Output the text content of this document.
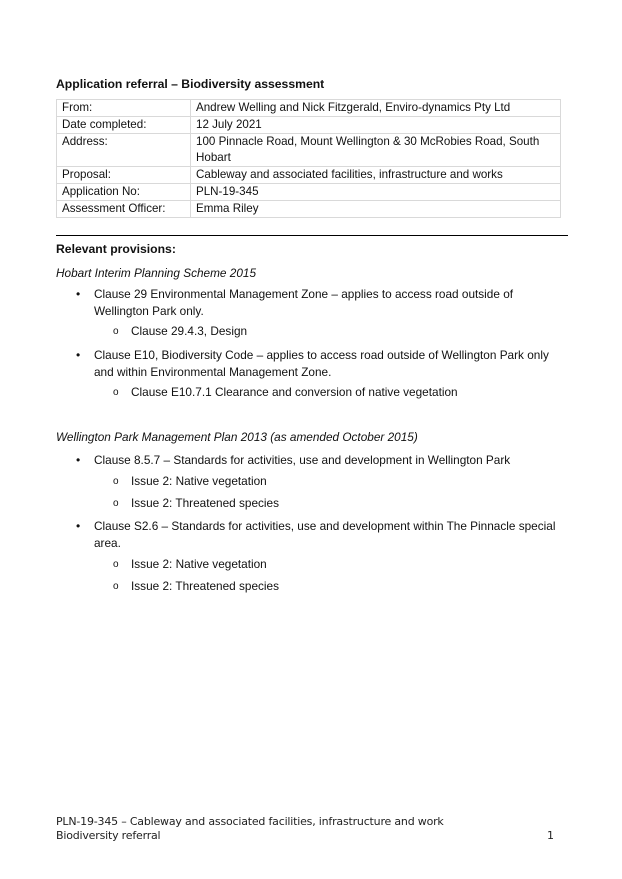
Application referral – Biodiversity assessment
From:	Andrew Welling and Nick Fitzgerald, Enviro-dynamics Pty Ltd
Date completed:	12 July 2021
Address:	100 Pinnacle Road, Mount Wellington & 30 McRobies Road, South Hobart
Proposal:	Cableway and associated facilities, infrastructure and works
Application No:	PLN-19-345
Assessment Officer:	Emma Riley
Relevant provisions:
Hobart Interim Planning Scheme 2015
• Clause 29 Environmental Management Zone – applies to access road outside of Wellington Park only.
o Clause 29.4.3, Design
• Clause E10, Biodiversity Code – applies to access road outside of Wellington Park only and within Environmental Management Zone.
o Clause E10.7.1 Clearance and conversion of native vegetation
Wellington Park Management Plan 2013 (as amended October 2015)
• Clause 8.5.7 – Standards for activities, use and development in Wellington Park
o Issue 2: Native vegetation
o Issue 2: Threatened species
• Clause S2.6 – Standards for activities, use and development within The Pinnacle special area.
o Issue 2: Native vegetation
o Issue 2: Threatened species
PLN-19-345 – Cableway and associated facilities, infrastructure and work
Biodiversity referral	1
